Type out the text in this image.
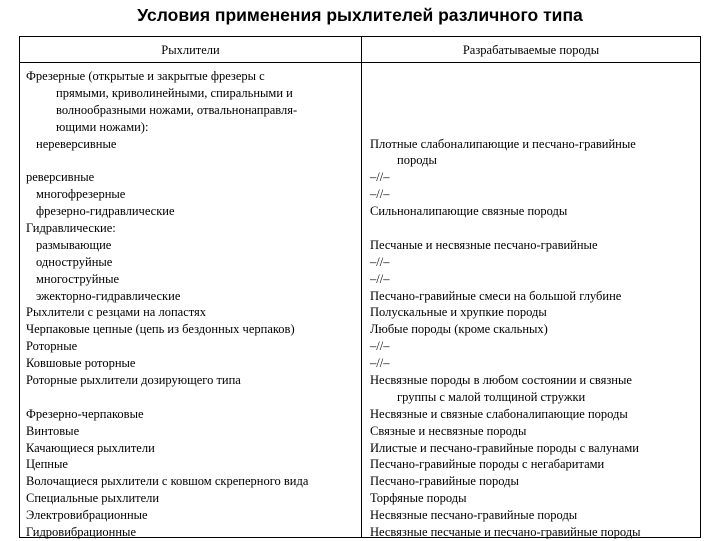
Условия применения рыхлителей различного типа
Рыхлители	Разрабатываемые породы
Фрезерные (открытые и закрытые фрезеры с
прямыми, криволинейными, спиральными и
волнообразными ножами, отвальнонаправля-
ющими ножами):
нереверсивные
реверсивные
многофрезерные
фрезерно-гидравлические
Гидравлические:
размывающие
одноструйные
многоструйные
эжекторно-гидравлические
Рыхлители с резцами на лопастях
Черпаковые цепные (цепь из бездонных черпаков)
Роторные
Ковшовые роторные
Роторные рыхлители дозирующего типа
Фрезерно-черпаковые
Винтовые
Качающиеся рыхлители
Цепные
Волочащиеся рыхлители с ковшом скреперного вида
Специальные рыхлители
Электровибрационные
Гидровибрационные
Плотные слабоналипающие и песчано-гравийные
породы
–//–
–//–
Сильноналипающие связные породы
Песчаные и несвязные песчано-гравийные
–//–
–//–
Песчано-гравийные смеси на большой глубине
Полускальные и хрупкие породы
Любые породы (кроме скальных)
–//–
–//–
Несвязные породы в любом состоянии и связные
группы с малой толщиной стружки
Несвязные и связные слабоналипающие породы
Связные и несвязные породы
Илистые и песчано-гравийные породы с валунами
Песчано-гравийные породы с негабаритами
Песчано-гравийные породы
Торфяные породы
Несвязные песчано-гравийные породы
Несвязные песчаные и песчано-гравийные породы
